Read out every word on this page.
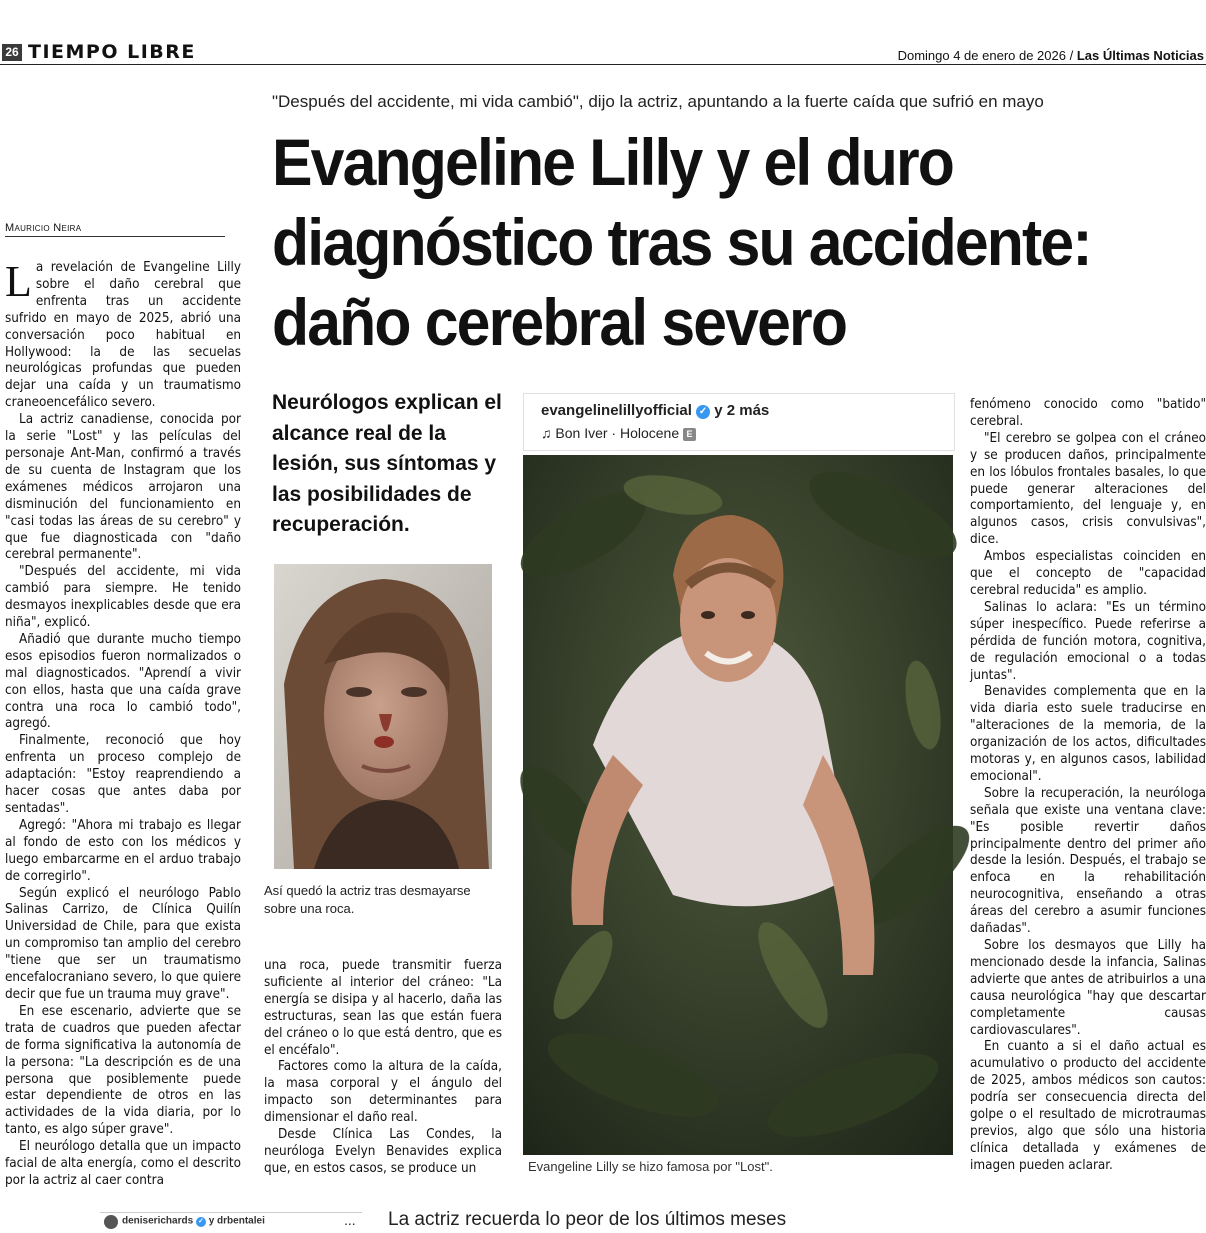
26 TIEMPO LIBRE	Domingo 4 de enero de 2026 / Las Últimas Noticias
"Después del accidente, mi vida cambió", dijo la actriz, apuntando a la fuerte caída que sufrió en mayo
Evangeline Lilly y el duro
diagnóstico tras su accidente:
daño cerebral severo
Mauricio Neira

La revelación de Evangeline Lilly sobre el daño cerebral que enfrenta tras un accidente sufrido en mayo de 2025, abrió una conversación poco habitual en Hollywood: la de las secuelas neurológicas profundas que pueden dejar una caída y un traumatismo craneoencefálico severo.

La actriz canadiense, conocida por la serie "Lost" y las películas del personaje Ant-Man, confirmó a través de su cuenta de Instagram que los exámenes médicos arrojaron una disminución del funcionamiento en "casi todas las áreas de su cerebro" y que fue diagnosticada con "daño cerebral permanente".

"Después del accidente, mi vida cambió para siempre. He tenido desmayos inexplicables desde que era niña", explicó.

Añadió que durante mucho tiempo esos episodios fueron normalizados o mal diagnosticados. "Aprendí a vivir con ellos, hasta que una caída grave contra una roca lo cambió todo", agregó.

Finalmente, reconoció que hoy enfrenta un proceso complejo de adaptación: "Estoy reaprendiendo a hacer cosas que antes daba por sentadas".

Agregó: "Ahora mi trabajo es llegar al fondo de esto con los médicos y luego embarcarme en el arduo trabajo de corregirlo".

Según explicó el neurólogo Pablo Salinas Carrizo, de Clínica Quilín Universidad de Chile, para que exista un compromiso tan amplio del cerebro "tiene que ser un traumatismo encefalocraniano severo, lo que quiere decir que fue un trauma muy grave".

En ese escenario, advierte que se trata de cuadros que pueden afectar de forma significativa la autonomía de la persona: "La descripción es de una persona que posiblemente puede estar dependiente de otros en las actividades de la vida diaria, por lo tanto, es algo súper grave".

El neurólogo detalla que un impacto facial de alta energía, como el descrito por la actriz al caer contra

Neurólogos explican el alcance real de la lesión, sus síntomas y las posibilidades de recuperación.
Así quedó la actriz tras desmayarse sobre una roca.

una roca, puede transmitir fuerza suficiente al interior del cráneo: "La energía se disipa y al hacerlo, daña las estructuras, sean las que están fuera del cráneo o lo que está dentro, que es el encéfalo".

Factores como la altura de la caída, la masa corporal y el ángulo del impacto son determinantes para dimensionar el daño real.

Desde Clínica Las Condes, la neuróloga Evelyn Benavides explica que, en estos casos, se produce un

evangelinelillyofficial ✓ y 2 más
♫ Bon Iver · Holocene E
Evangeline Lilly se hizo famosa por "Lost".

fenómeno conocido como "batido" cerebral.

"El cerebro se golpea con el cráneo y se producen daños, principalmente en los lóbulos frontales basales, lo que puede generar alteraciones del comportamiento, del lenguaje y, en algunos casos, crisis convulsivas", dice.

Ambos especialistas coinciden en que el concepto de "capacidad cerebral reducida" es amplio.

Salinas lo aclara: "Es un término súper inespecífico. Puede referirse a pérdida de función motora, cognitiva, de regulación emocional o a todas juntas".

Benavides complementa que en la vida diaria esto suele traducirse en "alteraciones de la memoria, de la organización de los actos, dificultades motoras y, en algunos casos, labilidad emocional".

Sobre la recuperación, la neuróloga señala que existe una ventana clave: "Es posible revertir daños principalmente dentro del primer año desde la lesión. Después, el trabajo se enfoca en la rehabilitación neurocognitiva, enseñando a otras áreas del cerebro a asumir funciones dañadas".

Sobre los desmayos que Lilly ha mencionado desde la infancia, Salinas advierte que antes de atribuirlos a una causa neurológica "hay que descartar completamente causas cardiovasculares".

En cuanto a si el daño actual es acumulativo o producto del accidente de 2025, ambos médicos son cautos: podría ser consecuencia directa del golpe o el resultado de microtraumas previos, algo que sólo una historia clínica detallada y exámenes de imagen pueden aclarar.

deniserichards ✓ y drbentalei	... La actriz recuerda lo peor de los últimos meses
